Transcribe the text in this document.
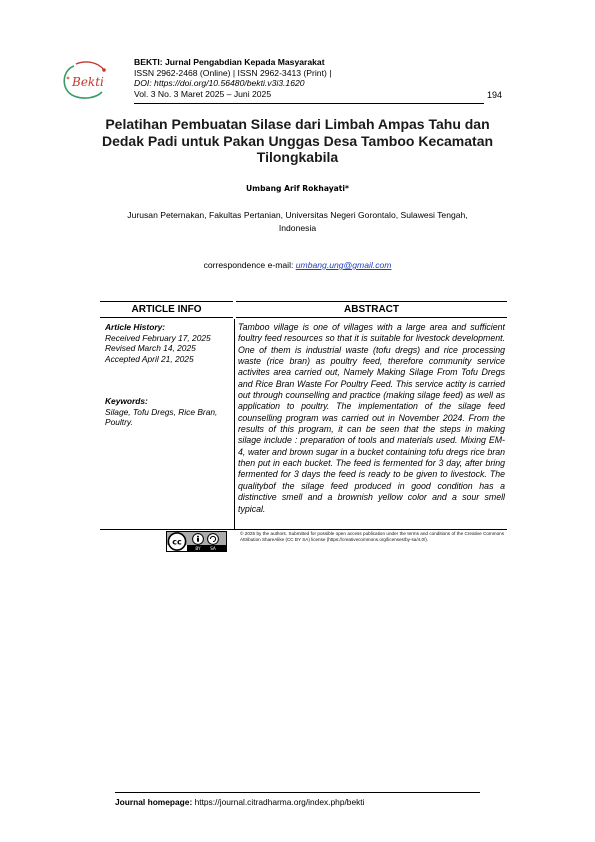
Bekti
BEKTI: Jurnal Pengabdian Kepada Masyarakat
ISSN 2962-2468 (Online) | ISSN 2962-3413 (Print) |
DOI: https://doi.org/10.56480/bekti.v3i3.1620
Vol. 3 No. 3 Maret 2025 – Juni 2025	194
Pelatihan Pembuatan Silase dari Limbah Ampas Tahu dan Dedak Padi untuk Pakan Unggas Desa Tamboo Kecamatan Tilongkabila
Umbang Arif Rokhayati*
Jurusan Peternakan, Fakultas Pertanian, Universitas Negeri Gorontalo, Sulawesi Tengah, Indonesia
correspondence e-mail: umbang.ung@gmail.com
ARTICLE INFO	ABSTRACT
Article History:
Received February 17, 2025
Revised March 14, 2025
Accepted April 21, 2025
Keywords:
Silage, Tofu Dregs, Rice Bran, Poultry.
Tamboo village is one of villages with a large area and sufficient foultry feed resources so that it is suitable for livestock development. One of them is industrial waste (tofu dregs) and rice processing waste (rice bran) as poultry feed, therefore community service activites area carried out, Namely Making Silage From Tofu Dregs and Rice Bran Waste For Poultry Feed. This service actity is carried out through counselling and practice (making silage feed) as well as application to poultry. The implementation of the silage feed counselling program was carried out in November 2024. From the results of this program, it can be seen that the steps in making silage include : preparation of tools and materials used. Mixing EM-4, water and brown sugar in a bucket containing tofu dregs rice bran then put in each bucket. The feed is fermented for 3 day, after bring fermented for 3 days the feed is ready to be given to livestock. The qualitybof the silage feed produced in good condition has a distinctive smell and a brownish yellow color and a sour smell typical.
cc
BY SA
© 2025 by the authors. Submitted for possible open access publication under the terms and conditions of the Creative Commons Attribution ShareAlike (CC BY SA) license (https://creativecommons.org/licenses/by-sa/4.0/).
Journal homepage: https://journal.citradharma.org/index.php/bekti
